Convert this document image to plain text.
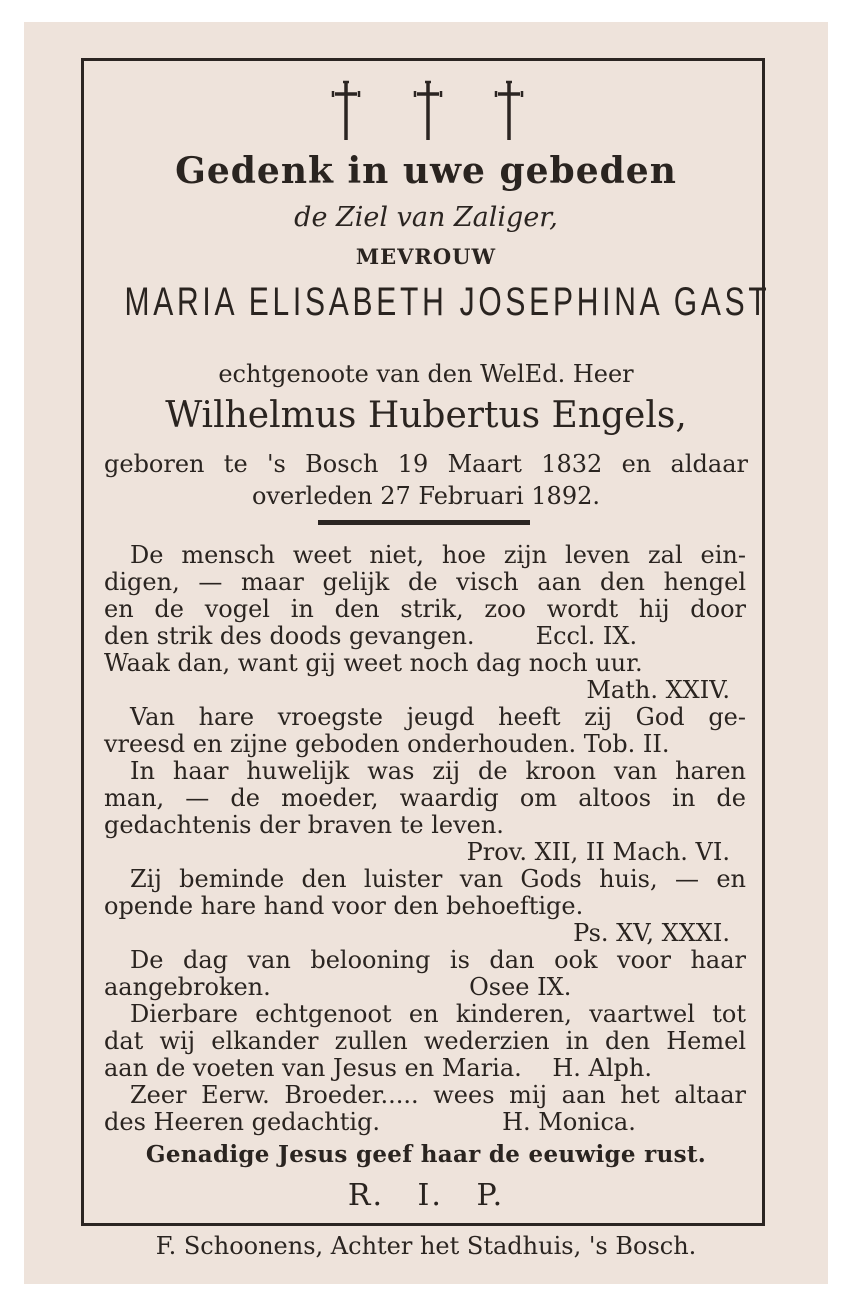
Gedenk in uwe gebeden
de Ziel van Zaliger,
MEVROUW
MARIA ELISABETH JOSEPHINA GAST
echtgenoote van den WelEd. Heer
Wilhelmus Hubertus Engels,
geboren te 's Bosch 19 Maart 1832 en aldaar
overleden 27 Februari 1892.
De mensch weet niet, hoe zijn leven zal ein-
digen, — maar gelijk de visch aan den hengel
en de vogel in den strik, zoo wordt hij door
den strik des doods gevangen.        Eccl. IX.
Waak dan, want gij weet noch dag noch uur.
Math. XXIV.
Van hare vroegste jeugd heeft zij God ge-
vreesd en zijne geboden onderhouden. Tob. II.
In haar huwelijk was zij de kroon van haren
man, — de moeder, waardig om altoos in de
gedachtenis der braven te leven.
Prov. XII, II Mach. VI.
Zij beminde den luister van Gods huis, — en
opende hare hand voor den behoeftige.
Ps. XV, XXXI.
De dag van belooning is dan ook voor haar
aangebroken.                          Osee IX.
Dierbare echtgenoot en kinderen, vaartwel tot
dat wij elkander zullen wederzien in den Hemel
aan de voeten van Jesus en Maria.    H. Alph.
Zeer Eerw. Broeder..... wees mij aan het altaar
des Heeren gedachtig.                H. Monica.
Genadige Jesus geef haar de eeuwige rust.
R. I. P.
F. Schoonens, Achter het Stadhuis, 's Bosch.
